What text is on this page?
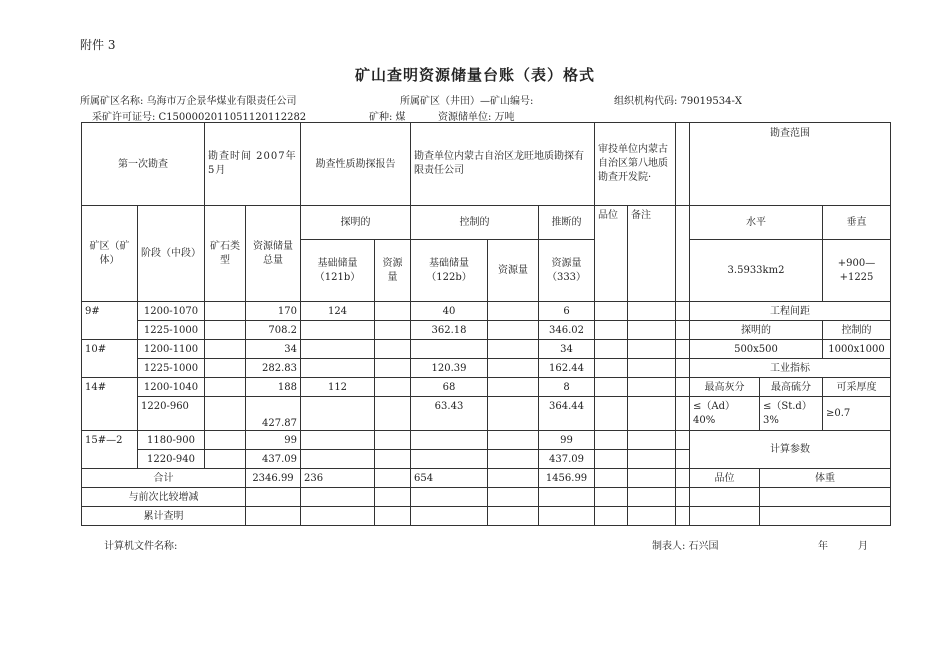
附件 3
矿山查明资源储量台账（表）格式
所属矿区名称: 乌海市万企景华煤业有限责任公司	所属矿区（井田）—矿山编号:	组织机构代码: 79019534-X
采矿许可证号: C1500002011051120112282	矿种: 煤	资源储单位: 万吨
第一次勘查		勘查时间 2007年5月		勘查性质勘探报告		勘查单位内蒙古自治区龙旺地质勘探有限责任公司			审投单位内蒙古自治区第八地质勘查开发院·			勘查范围		
矿区（矿体）	阶段（中段）	矿石类型	资源储量总量	探明的		控制的		推断的	品位	备注		水平		垂直
				基础储量（121b）	资源量	基础储量（122b）	资源量	资源量（333）				3.5933km2		+900—+1225
9#	1200-1070		170	124		40		6				工程间距		
	1225-1000		708.2			362.18		346.02				探明的		控制的
10#	1200-1100		34					34				500x500		1000x1000
	1225-1000		282.83			120.39		162.44				工业指标		
14#	1200-1040		188	112		68		8				最高灰分	最高硫分	可采厚度
	1220-960		427.87			63.43		364.44				≤（Ad）40%	≤（St.d）3%	≥0.7
15#—2	1180-900		99					99				计算参数		
	1220-940		437.09					437.09						
合计			2346.99	236		654		1456.99				品位	体重	
与前次比较增减														
累计查明														
计算机文件名称:	制表人: 石兴国	年	月
